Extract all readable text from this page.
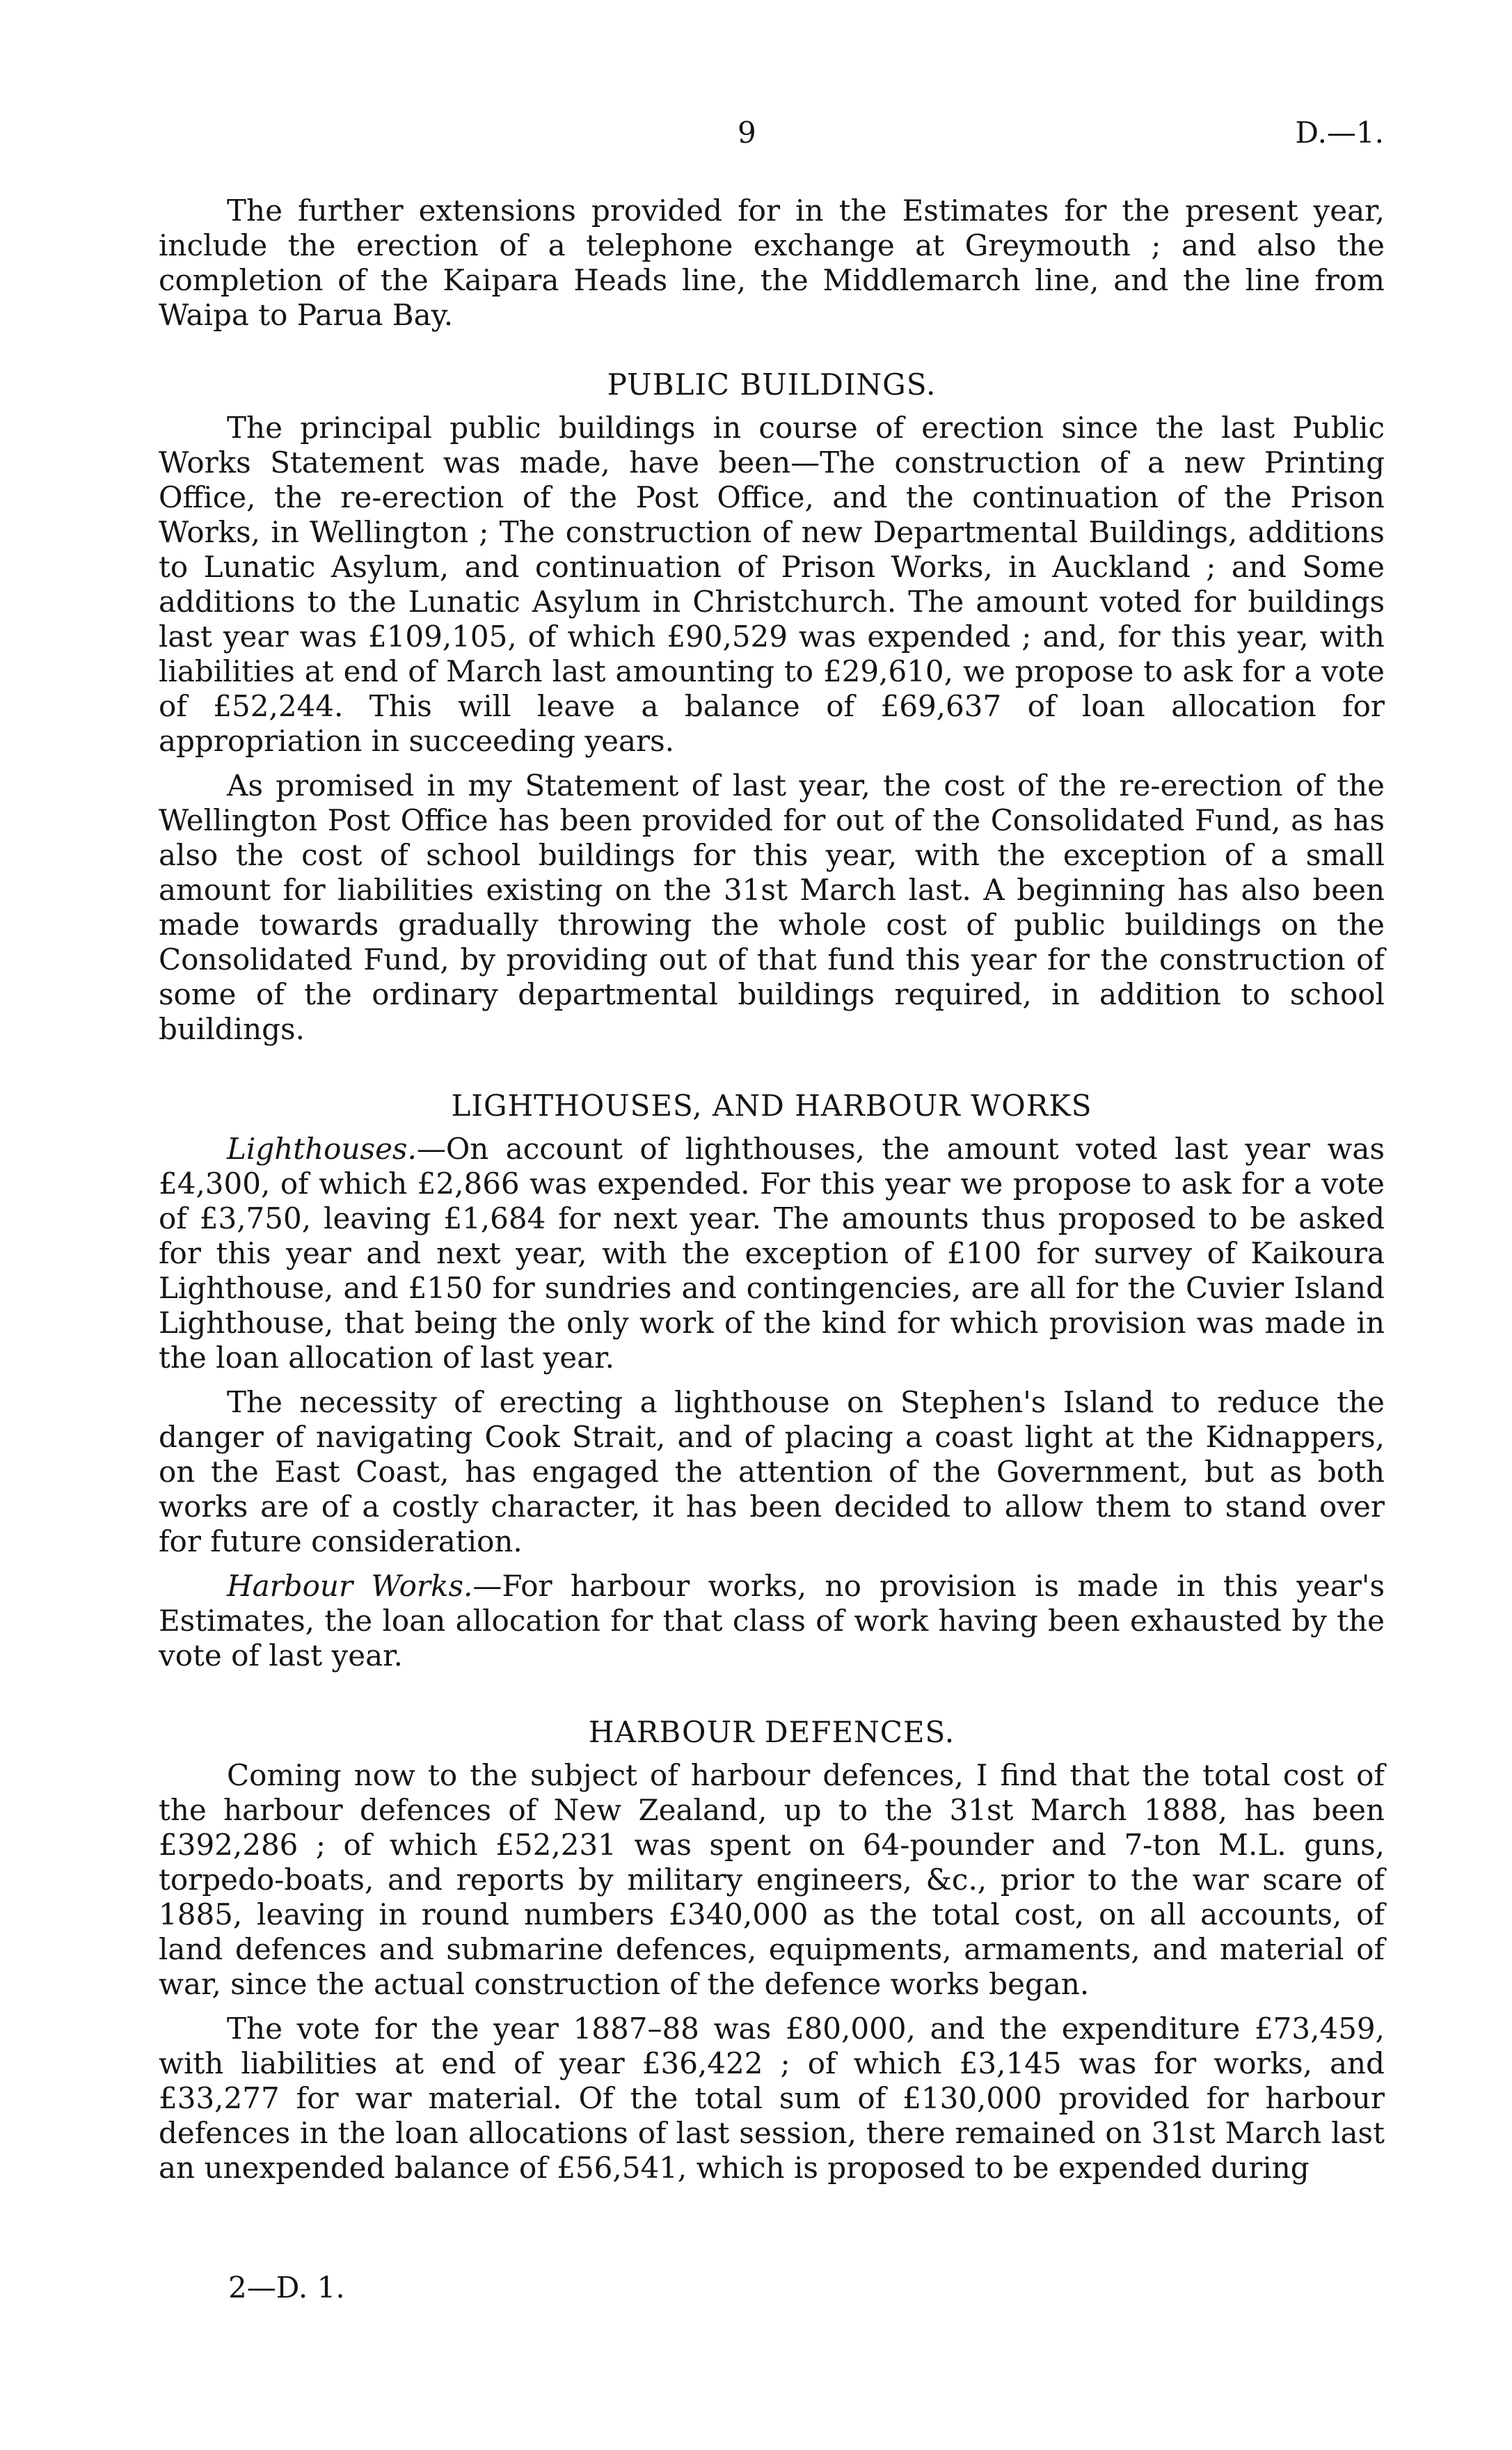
9	D.—1.

The further extensions provided for in the Estimates for the present year, include the erection of a telephone exchange at Greymouth ; and also the completion of the Kaipara Heads line, the Middlemarch line, and the line from Waipa to Parua Bay.

PUBLIC BUILDINGS.

The principal public buildings in course of erection since the last Public Works Statement was made, have been—The construction of a new Printing Office, the re-erection of the Post Office, and the continuation of the Prison Works, in Wellington ; The construction of new Departmental Buildings, additions to Lunatic Asylum, and continuation of Prison Works, in Auckland ; and Some additions to the Lunatic Asylum in Christchurch. The amount voted for buildings last year was £109,105, of which £90,529 was expended ; and, for this year, with liabilities at end of March last amounting to £29,610, we propose to ask for a vote of £52,244. This will leave a balance of £69,637 of loan allocation for appropriation in succeeding years.

As promised in my Statement of last year, the cost of the re-erection of the Wellington Post Office has been provided for out of the Consolidated Fund, as has also the cost of school buildings for this year, with the exception of a small amount for liabilities existing on the 31st March last. A beginning has also been made towards gradually throwing the whole cost of public buildings on the Consolidated Fund, by providing out of that fund this year for the construction of some of the ordinary departmental buildings required, in addition to school buildings.

LIGHTHOUSES, AND HARBOUR WORKS

Lighthouses.—On account of lighthouses, the amount voted last year was £4,300, of which £2,866 was expended. For this year we propose to ask for a vote of £3,750, leaving £1,684 for next year. The amounts thus proposed to be asked for this year and next year, with the exception of £100 for survey of Kaikoura Lighthouse, and £150 for sundries and contingencies, are all for the Cuvier Island Lighthouse, that being the only work of the kind for which provision was made in the loan allocation of last year.

The necessity of erecting a lighthouse on Stephen's Island to reduce the danger of navigating Cook Strait, and of placing a coast light at the Kidnappers, on the East Coast, has engaged the attention of the Government, but as both works are of a costly character, it has been decided to allow them to stand over for future consideration.

Harbour Works.—For harbour works, no provision is made in this year's Estimates, the loan allocation for that class of work having been exhausted by the vote of last year.

HARBOUR DEFENCES.

Coming now to the subject of harbour defences, I find that the total cost of the harbour defences of New Zealand, up to the 31st March 1888, has been £392,286 ; of which £52,231 was spent on 64-pounder and 7-ton M.L. guns, torpedo-boats, and reports by military engineers, &c., prior to the war scare of 1885, leaving in round numbers £340,000 as the total cost, on all accounts, of land defences and submarine defences, equipments, armaments, and material of war, since the actual construction of the defence works began.

The vote for the year 1887–88 was £80,000, and the expenditure £73,459, with liabilities at end of year £36,422 ; of which £3,145 was for works, and £33,277 for war material. Of the total sum of £130,000 provided for harbour defences in the loan allocations of last session, there remained on 31st March last an unexpended balance of £56,541, which is proposed to be expended during

2—D. 1.
